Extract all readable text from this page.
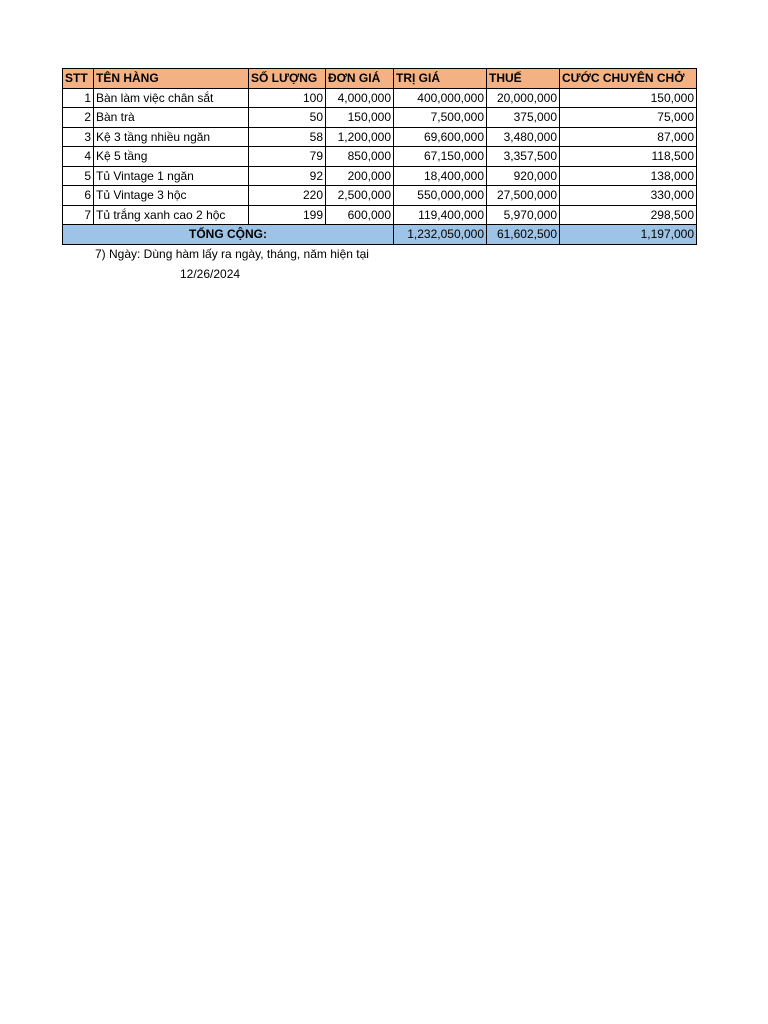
STT	TÊN HÀNG	SỐ LƯỢNG	ĐƠN GIÁ	TRỊ GIÁ	THUẾ	CƯỚC CHUYÊN CHỞ
1	Bàn làm việc chân sắt	100	4,000,000	400,000,000	20,000,000	150,000
2	Bàn trà	50	150,000	7,500,000	375,000	75,000
3	Kệ 3 tầng nhiều ngăn	58	1,200,000	69,600,000	3,480,000	87,000
4	Kệ 5 tầng	79	850,000	67,150,000	3,357,500	118,500
5	Tủ Vintage 1 ngăn	92	200,000	18,400,000	920,000	138,000
6	Tủ Vintage 3 hộc	220	2,500,000	550,000,000	27,500,000	330,000
7	Tủ trắng xanh cao 2 hộc	199	600,000	119,400,000	5,970,000	298,500
TỔNG CỘNG:				1,232,050,000	61,602,500	1,197,000
7) Ngày: Dùng hàm lấy ra ngày, tháng, năm hiện tại
12/26/2024
